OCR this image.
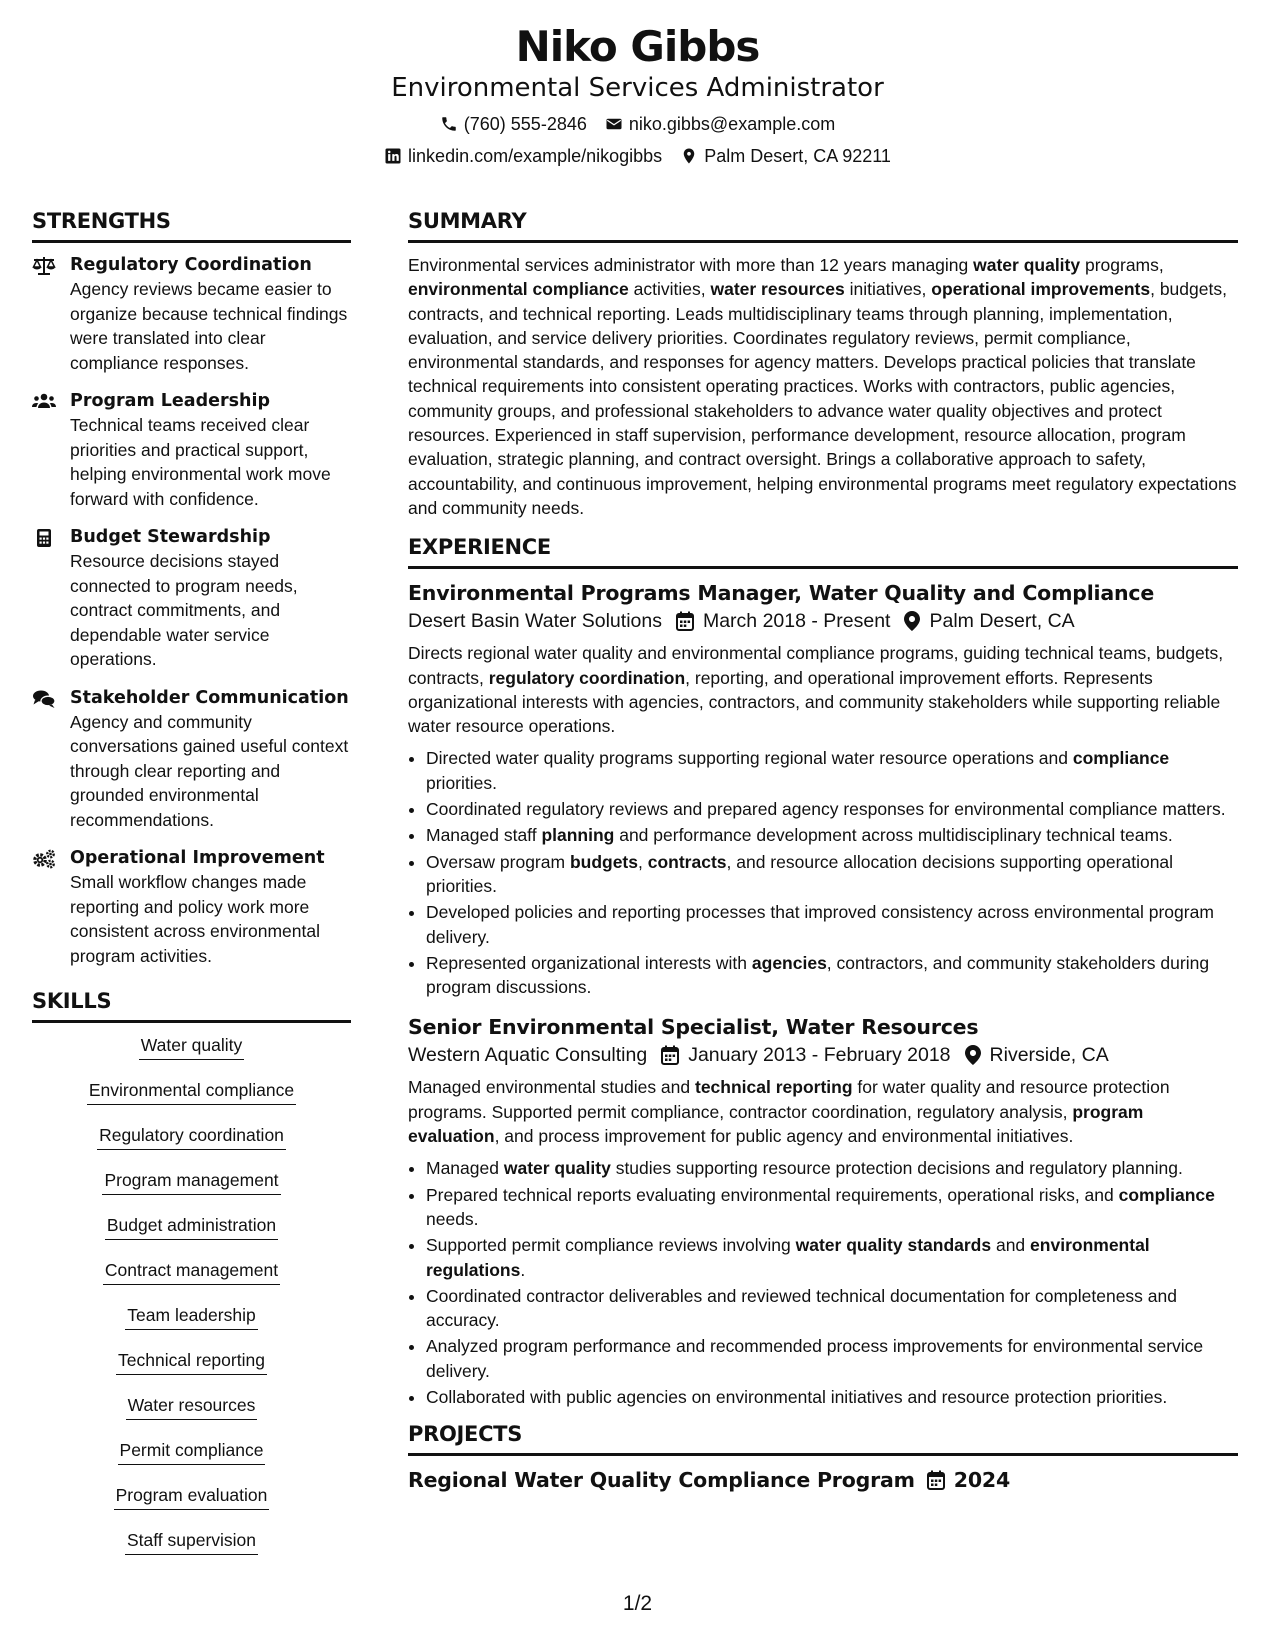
Niko Gibbs
Environmental Services Administrator
(760) 555-2846 niko.gibbs@example.com
linkedin.com/example/nikogibbs Palm Desert, CA 92211
STRENGTHS
Regulatory Coordination
Agency reviews became easier to organize because technical findings were translated into clear compliance responses.
Program Leadership
Technical teams received clear priorities and practical support, helping environmental work move forward with confidence.
Budget Stewardship
Resource decisions stayed connected to program needs, contract commitments, and dependable water service operations.
Stakeholder Communication
Agency and community conversations gained useful context through clear reporting and grounded environmental recommendations.
Operational Improvement
Small workflow changes made reporting and policy work more consistent across environmental program activities.
SKILLS
Water quality
Environmental compliance
Regulatory coordination
Program management
Budget administration
Contract management
Team leadership
Technical reporting
Water resources
Permit compliance
Program evaluation
Staff supervision
SUMMARY

Environmental services administrator with more than 12 years managing water quality programs, environmental compliance activities, water resources initiatives, operational improvements, budgets, contracts, and technical reporting. Leads multidisciplinary teams through planning, implementation, evaluation, and service delivery priorities. Coordinates regulatory reviews, permit compliance, environmental standards, and responses for agency matters. Develops practical policies that translate technical requirements into consistent operating practices. Works with contractors, public agencies, community groups, and professional stakeholders to advance water quality objectives and protect resources. Experienced in staff supervision, performance development, resource allocation, program evaluation, strategic planning, and contract oversight. Brings a collaborative approach to safety, accountability, and continuous improvement, helping environmental programs meet regulatory expectations and community needs.

EXPERIENCE
Environmental Programs Manager, Water Quality and Compliance
Desert Basin Water Solutions March 2018 - Present Palm Desert, CA

Directs regional water quality and environmental compliance programs, guiding technical teams, budgets, contracts, regulatory coordination, reporting, and operational improvement efforts. Represents organizational interests with agencies, contractors, and community stakeholders while supporting reliable water resource operations.

• Directed water quality programs supporting regional water resource operations and compliance priorities.
• Coordinated regulatory reviews and prepared agency responses for environmental compliance matters.
• Managed staff planning and performance development across multidisciplinary technical teams.
• Oversaw program budgets, contracts, and resource allocation decisions supporting operational priorities.
• Developed policies and reporting processes that improved consistency across environmental program delivery.
• Represented organizational interests with agencies, contractors, and community stakeholders during program discussions.
Senior Environmental Specialist, Water Resources
Western Aquatic Consulting January 2013 - February 2018 Riverside, CA

Managed environmental studies and technical reporting for water quality and resource protection programs. Supported permit compliance, contractor coordination, regulatory analysis, program evaluation, and process improvement for public agency and environmental initiatives.

• Managed water quality studies supporting resource protection decisions and regulatory planning.
• Prepared technical reports evaluating environmental requirements, operational risks, and compliance needs.
• Supported permit compliance reviews involving water quality standards and environmental regulations.
• Coordinated contractor deliverables and reviewed technical documentation for completeness and accuracy.
• Analyzed program performance and recommended process improvements for environmental service delivery.
• Collaborated with public agencies on environmental initiatives and resource protection priorities.
PROJECTS
Regional Water Quality Compliance Program 2024
1/2
